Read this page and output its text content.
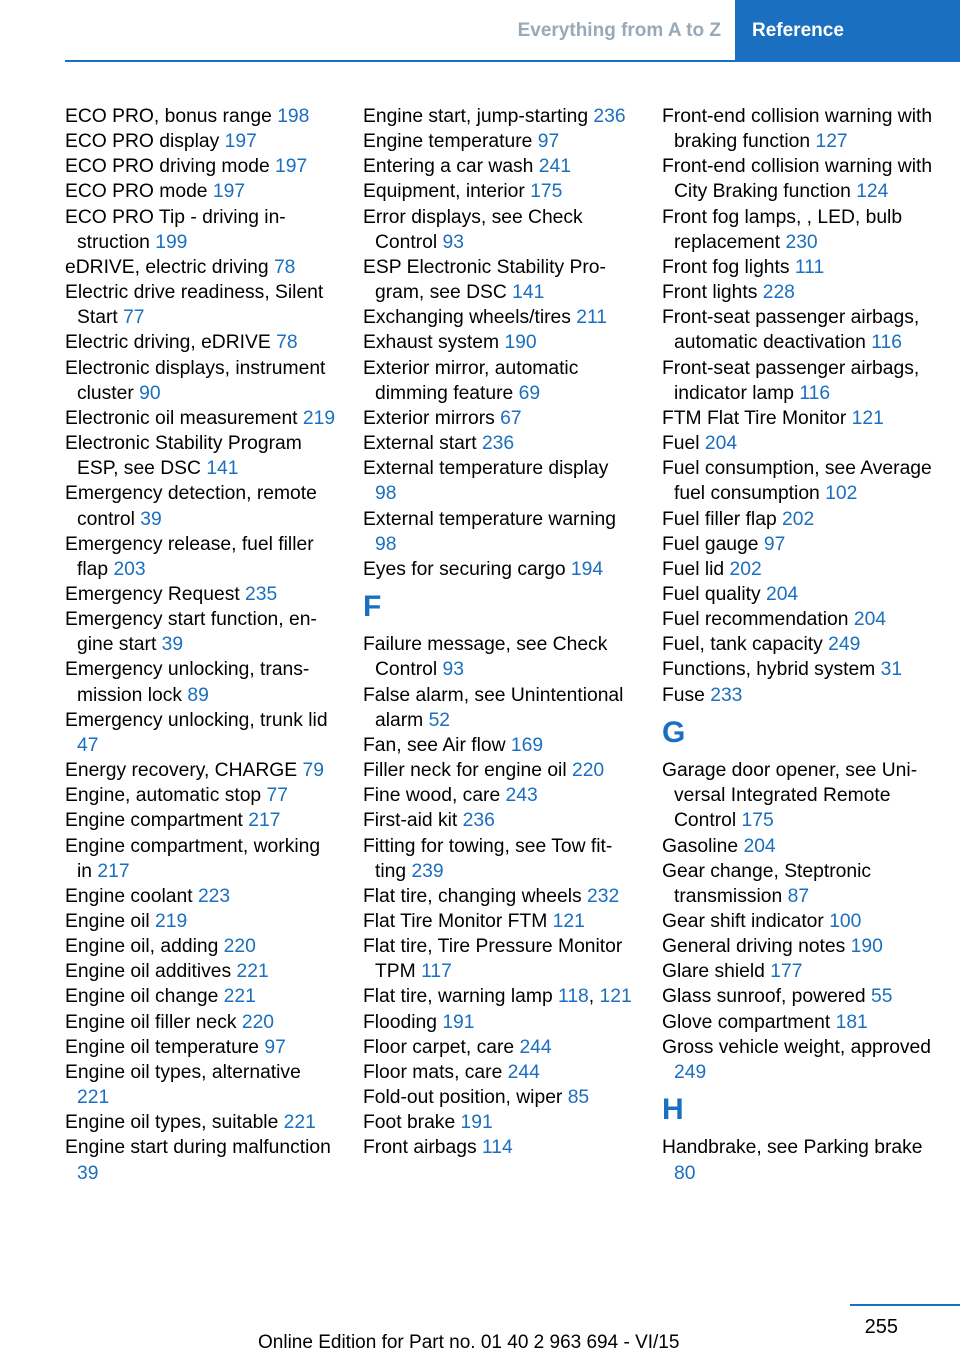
Everything from A to Z	Reference
ECO PRO, bonus range 198
ECO PRO display 197
ECO PRO driving mode 197
ECO PRO mode 197
ECO PRO Tip - driving instruction 199
eDRIVE, electric driving 78
Electric drive readiness, Silent Start 77
Electric driving, eDRIVE 78
Electronic displays, instrument cluster 90
Electronic oil measurement 219
Electronic Stability Program ESP, see DSC 141
Emergency detection, remote control 39
Emergency release, fuel filler flap 203
Emergency Request 235
Emergency start function, engine start 39
Emergency unlocking, transmission lock 89
Emergency unlocking, trunk lid 47
Energy recovery, CHARGE 79
Engine, automatic stop 77
Engine compartment 217
Engine compartment, working in 217
Engine coolant 223
Engine oil 219
Engine oil, adding 220
Engine oil additives 221
Engine oil change 221
Engine oil filler neck 220
Engine oil temperature 97
Engine oil types, alternative 221
Engine oil types, suitable 221
Engine start during malfunction 39
Engine start, jump-starting 236
Engine temperature 97
Entering a car wash 241
Equipment, interior 175
Error displays, see Check Control 93
ESP Electronic Stability Program, see DSC 141
Exchanging wheels/tires 211
Exhaust system 190
Exterior mirror, automatic dimming feature 69
Exterior mirrors 67
External start 236
External temperature display 98
External temperature warning 98
Eyes for securing cargo 194
F
Failure message, see Check Control 93
False alarm, see Unintentional alarm 52
Fan, see Air flow 169
Filler neck for engine oil 220
Fine wood, care 243
First-aid kit 236
Fitting for towing, see Tow fitting 239
Flat tire, changing wheels 232
Flat Tire Monitor FTM 121
Flat tire, Tire Pressure Monitor TPM 117
Flat tire, warning lamp 118, 121
Flooding 191
Floor carpet, care 244
Floor mats, care 244
Fold-out position, wiper 85
Foot brake 191
Front airbags 114
Front-end collision warning with braking function 127
Front-end collision warning with City Braking function 124
Front fog lamps, , LED, bulb replacement 230
Front fog lights 111
Front lights 228
Front-seat passenger airbags, automatic deactivation 116
Front-seat passenger airbags, indicator lamp 116
FTM Flat Tire Monitor 121
Fuel 204
Fuel consumption, see Average fuel consumption 102
Fuel filler flap 202
Fuel gauge 97
Fuel lid 202
Fuel quality 204
Fuel recommendation 204
Fuel, tank capacity 249
Functions, hybrid system 31
Fuse 233
G
Garage door opener, see Universal Integrated Remote Control 175
Gasoline 204
Gear change, Steptronic transmission 87
Gear shift indicator 100
General driving notes 190
Glare shield 177
Glass sunroof, powered 55
Glove compartment 181
Gross vehicle weight, approved 249
H
Handbrake, see Parking brake 80
255
Online Edition for Part no. 01 40 2 963 694 - VI/15
